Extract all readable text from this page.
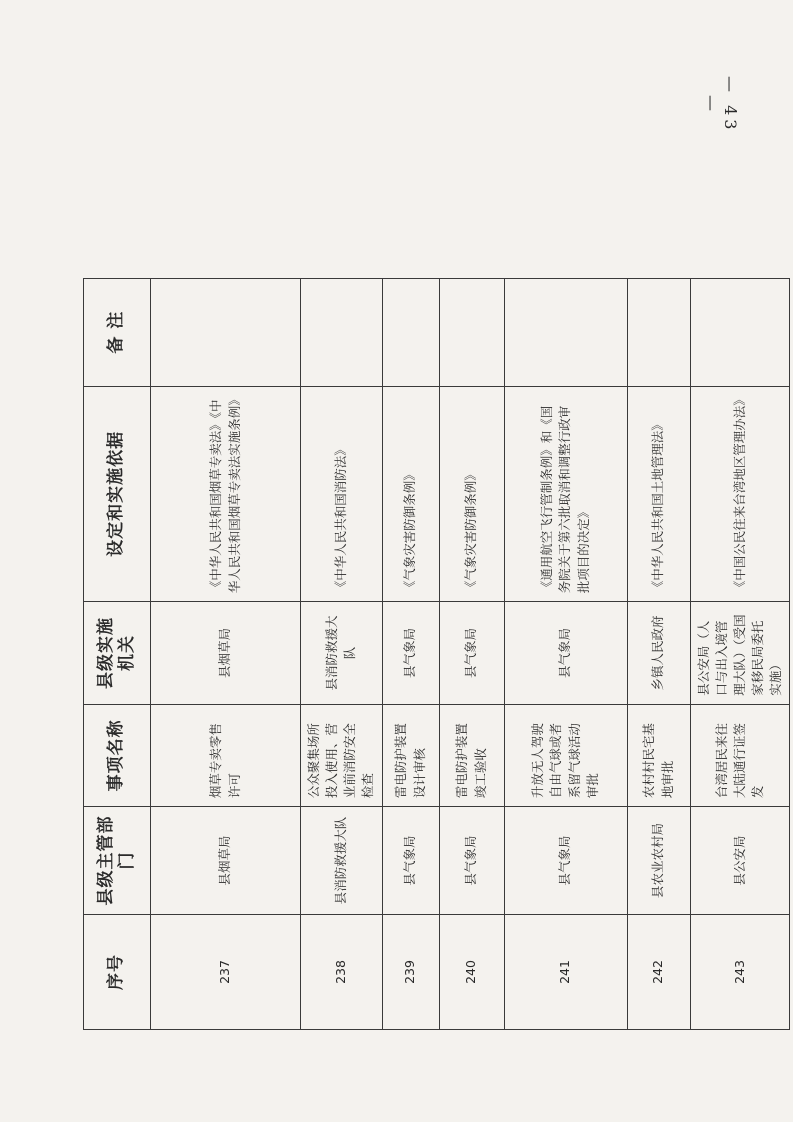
— 43 —
序号	县级主管部门	事项名称	县级实施机关	设定和实施依据	备 注
237	县烟草局	烟草专卖零售许可	县烟草局	《中华人民共和国烟草专卖法》《中华人民共和国烟草专卖法实施条例》	
238	县消防救援大队	公众聚集场所投入使用、营业前消防安全检查	县消防救援大队	《中华人民共和国消防法》	
239	县气象局	雷电防护装置设计审核	县气象局	《气象灾害防御条例》	
240	县气象局	雷电防护装置竣工验收	县气象局	《气象灾害防御条例》	
241	县气象局	升放无人驾驶自由气球或者系留气球活动审批	县气象局	《通用航空飞行管制条例》和《国务院关于第六批取消和调整行政审批项目的决定》	
242	县农业农村局	农村村民宅基地审批	乡镇人民政府	《中华人民共和国土地管理法》	
243	县公安局	台湾居民来往大陆通行证签发	县公安局（人口与出入境管理大队）（受国家移民局委托实施）	《中国公民往来台湾地区管理办法》	
